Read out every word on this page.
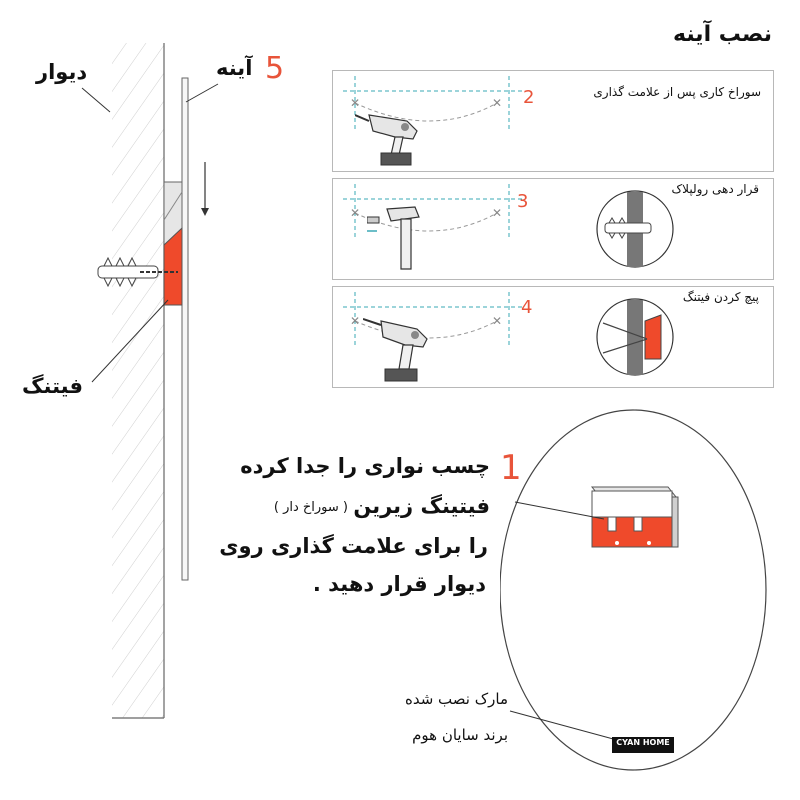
دیوار	5
آینه
فیتنگ
نصب آینه
✕	✕ 2	سوراخ کاری پس از علامت گذاری
✕	✕
3
قرار دهی رولپلاک
✕	✕
4	پیچ کردن فیتنگ
CYAN HOME
1
چسب نواری را جدا کرده
فیتینگ زیرین
( سوراخ دار )
را برای علامت گذاری روی
دیوار قرار دهید .
مارک نصب شده
برند سایان هوم
